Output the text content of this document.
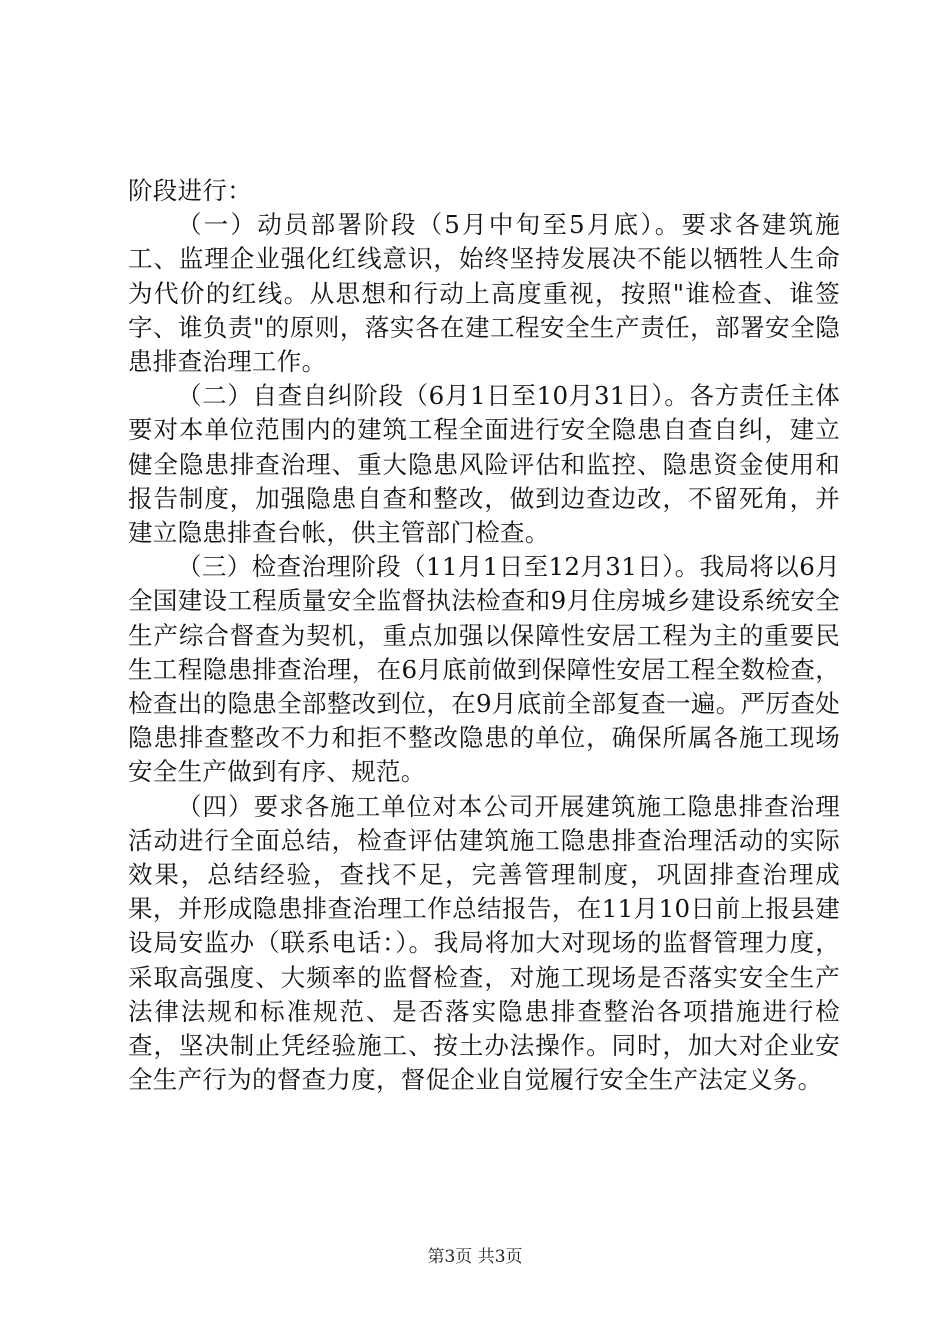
阶段进行：

（一）动员部署阶段（5月中旬至5月底）。要求各建筑施工、监理企业强化红线意识，始终坚持发展决不能以牺牲人生命为代价的红线。从思想和行动上高度重视，按照"谁检查、谁签字、谁负责"的原则，落实各在建工程安全生产责任，部署安全隐患排查治理工作。

（二）自查自纠阶段（6月1日至10月31日）。各方责任主体要对本单位范围内的建筑工程全面进行安全隐患自查自纠，建立健全隐患排查治理、重大隐患风险评估和监控、隐患资金使用和报告制度，加强隐患自查和整改，做到边查边改，不留死角，并建立隐患排查台帐，供主管部门检查。

（三）检查治理阶段（11月1日至12月31日）。我局将以6月全国建设工程质量安全监督执法检查和9月住房城乡建设系统安全生产综合督查为契机，重点加强以保障性安居工程为主的重要民生工程隐患排查治理，在6月底前做到保障性安居工程全数检查，检查出的隐患全部整改到位，在9月底前全部复查一遍。严厉查处隐患排查整改不力和拒不整改隐患的单位，确保所属各施工现场安全生产做到有序、规范。

（四）要求各施工单位对本公司开展建筑施工隐患排查治理活动进行全面总结，检查评估建筑施工隐患排查治理活动的实际效果，总结经验，查找不足，完善管理制度，巩固排查治理成果，并形成隐患排查治理工作总结报告，在11月10日前上报县建设局安监办（联系电话：）。我局将加大对现场的监督管理力度，采取高强度、大频率的监督检查，对施工现场是否落实安全生产法律法规和标准规范、是否落实隐患排查整治各项措施进行检查，坚决制止凭经验施工、按土办法操作。同时，加大对企业安全生产行为的督查力度，督促企业自觉履行安全生产法定义务。

第3页 共3页
